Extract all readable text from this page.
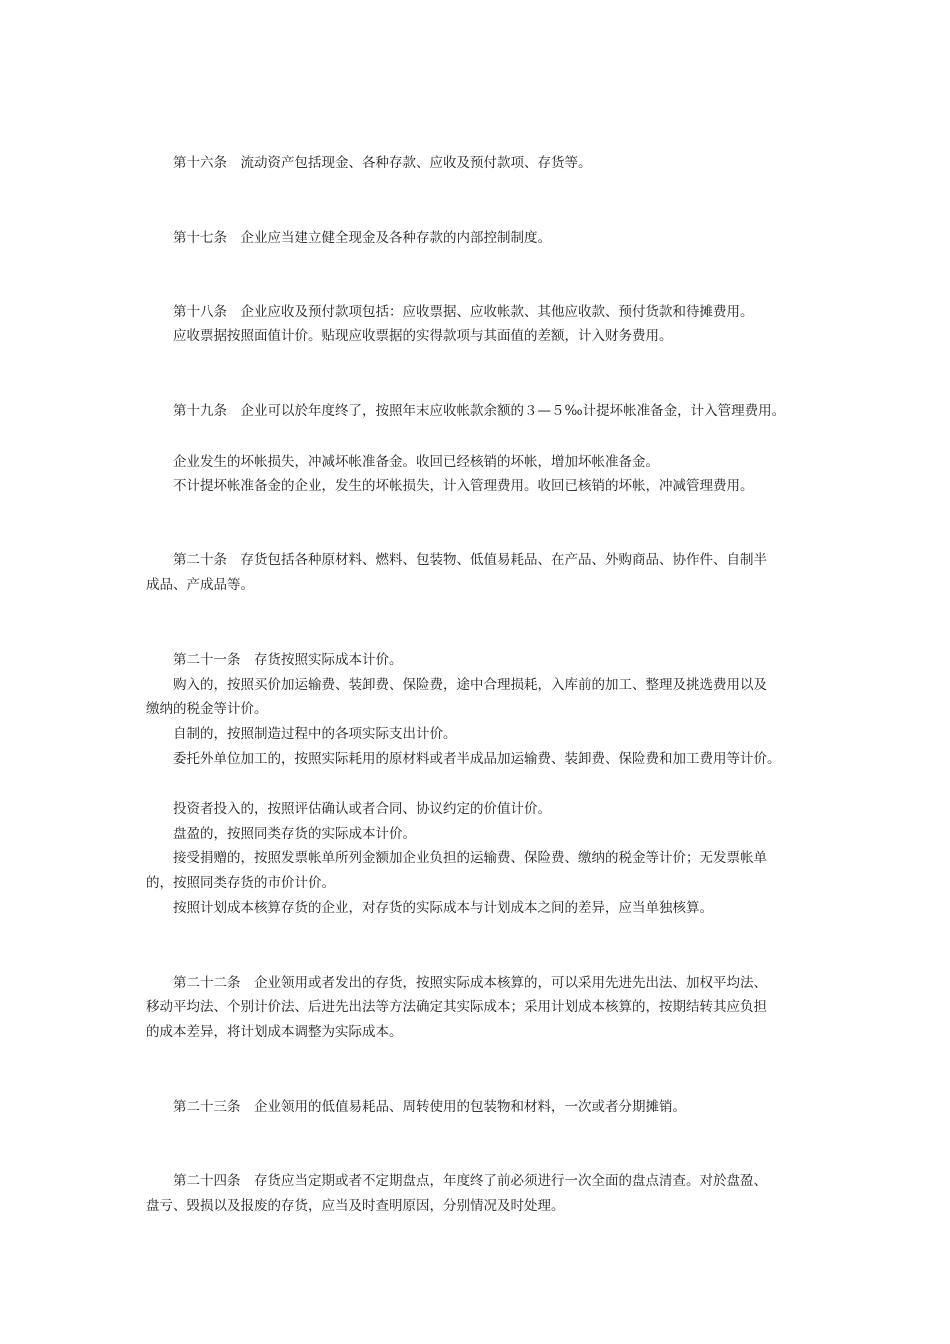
第十六条　流动资产包括现金、各种存款、应收及预付款项、存货等。
第十七条　企业应当建立健全现金及各种存款的内部控制制度。
第十八条　企业应收及预付款项包括：应收票据、应收帐款、其他应收款、预付货款和待摊费用。
应收票据按照面值计价。贴现应收票据的实得款项与其面值的差额，计入财务费用。
第十九条　企业可以於年度终了，按照年末应收帐款余额的３—５‰计提坏帐准备金，计入管理费用。
企业发生的坏帐损失，冲减坏帐准备金。收回已经核销的坏帐，增加坏帐准备金。
不计提坏帐准备金的企业，发生的坏帐损失，计入管理费用。收回已核销的坏帐，冲减管理费用。
第二十条　存货包括各种原材料、燃料、包装物、低值易耗品、在产品、外购商品、协作件、自制半
成品、产成品等。
第二十一条　存货按照实际成本计价。
购入的，按照买价加运输费、装卸费、保险费，途中合理损耗，入库前的加工、整理及挑选费用以及
缴纳的税金等计价。
自制的，按照制造过程中的各项实际支出计价。
委托外单位加工的，按照实际耗用的原材料或者半成品加运输费、装卸费、保险费和加工费用等计价。
投资者投入的，按照评估确认或者合同、协议约定的价值计价。
盘盈的，按照同类存货的实际成本计价。
接受捐赠的，按照发票帐单所列金额加企业负担的运输费、保险费、缴纳的税金等计价；无发票帐单
的，按照同类存货的市价计价。
按照计划成本核算存货的企业，对存货的实际成本与计划成本之间的差异，应当单独核算。
第二十二条　企业领用或者发出的存货，按照实际成本核算的，可以采用先进先出法、加权平均法、
移动平均法、个别计价法、后进先出法等方法确定其实际成本；采用计划成本核算的，按期结转其应负担
的成本差异，将计划成本调整为实际成本。
第二十三条　企业领用的低值易耗品、周转使用的包装物和材料，一次或者分期摊销。
第二十四条　存货应当定期或者不定期盘点，年度终了前必须进行一次全面的盘点清查。对於盘盈、
盘亏、毁损以及报废的存货，应当及时查明原因，分别情况及时处理。
